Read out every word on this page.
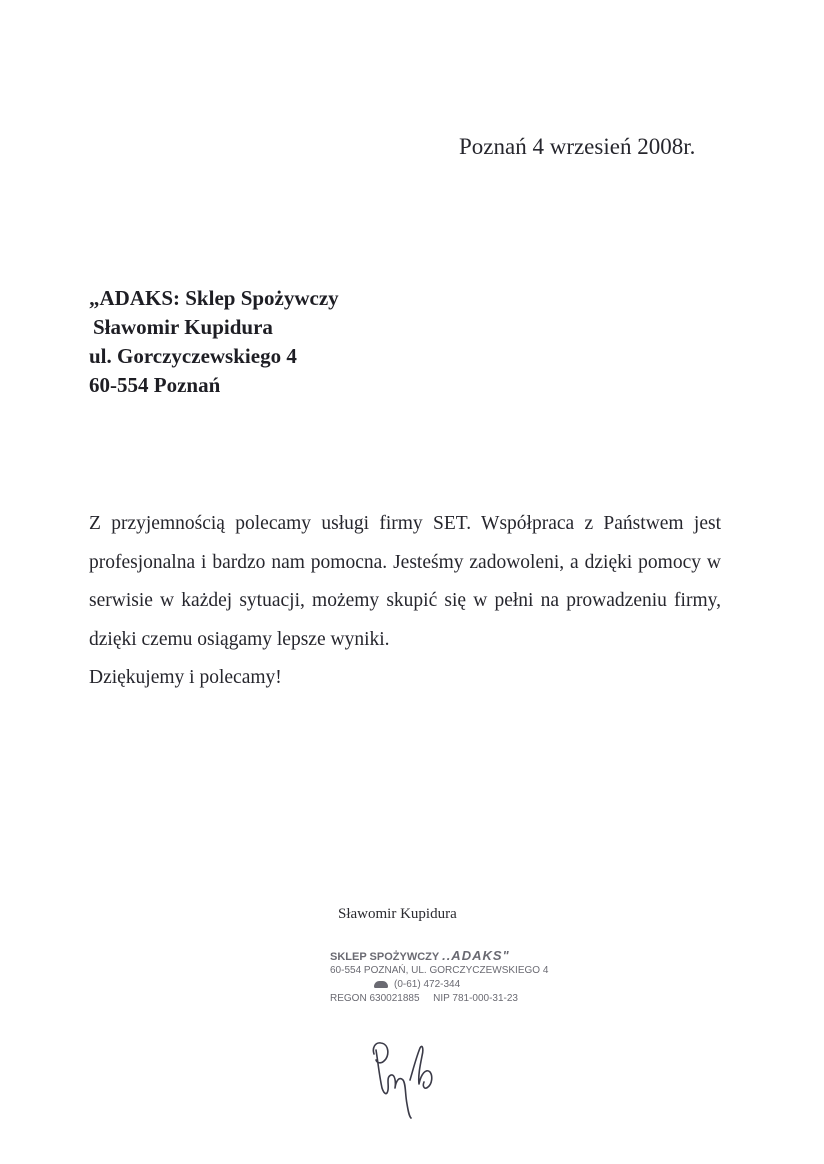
Poznań 4 wrzesień 2008r.
„ADAKS: Sklep Spożywczy
Sławomir Kupidura
ul. Gorczyczewskiego 4
60-554 Poznań
Z przyjemnością polecamy usługi firmy SET. Współpraca z Państwem jest profesjonalna i bardzo nam pomocna. Jesteśmy zadowoleni, a dzięki pomocy w serwisie w każdej sytuacji, możemy skupić się w pełni na prowadzeniu firmy, dzięki czemu osiągamy lepsze wyniki.
Dziękujemy i polecamy!
Sławomir Kupidura
SKLEP SPOŻYWCZY ..ADAKS"
60-554 POZNAŃ, UL. GORCZYCZEWSKIEGO 4
(0-61) 472-344
REGON 630021885 NIP 781-000-31-23
